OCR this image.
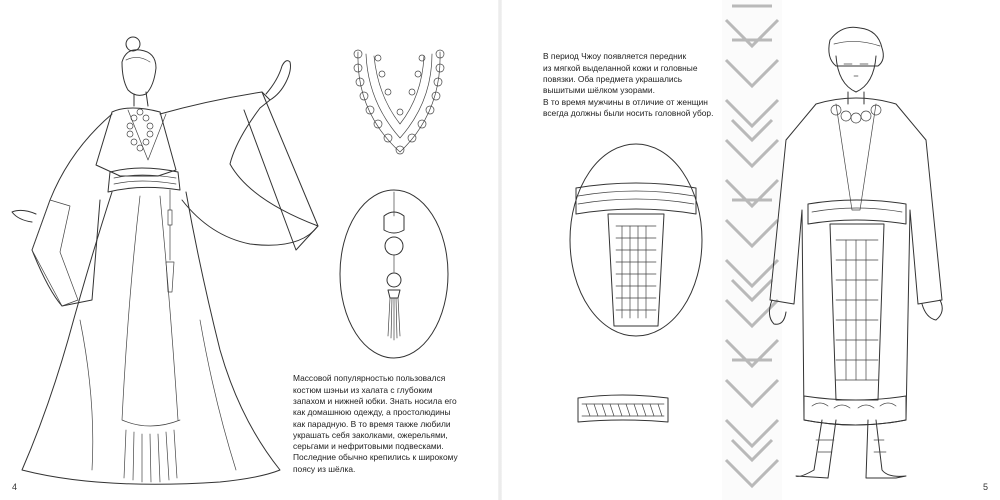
Массовой популярностью пользовался
костюм шэньи из халата с глубоким
запахом и нижней юбки. Знать носила его
как домашнюю одежду, а простолюдины
как парадную. В то время также любили
украшать себя заколками, ожерельями,
серьгами и нефритовыми подвесками.
Последние обычно крепились к широкому
поясу из шёлка.

4

В период Чжоу появляется передник
из мягкой выделанной кожи и головные
повязки. Оба предмета украшались
вышитыми шёлком узорами.
В то время мужчины в отличие от женщин
всегда должны были носить головной убор.

5
